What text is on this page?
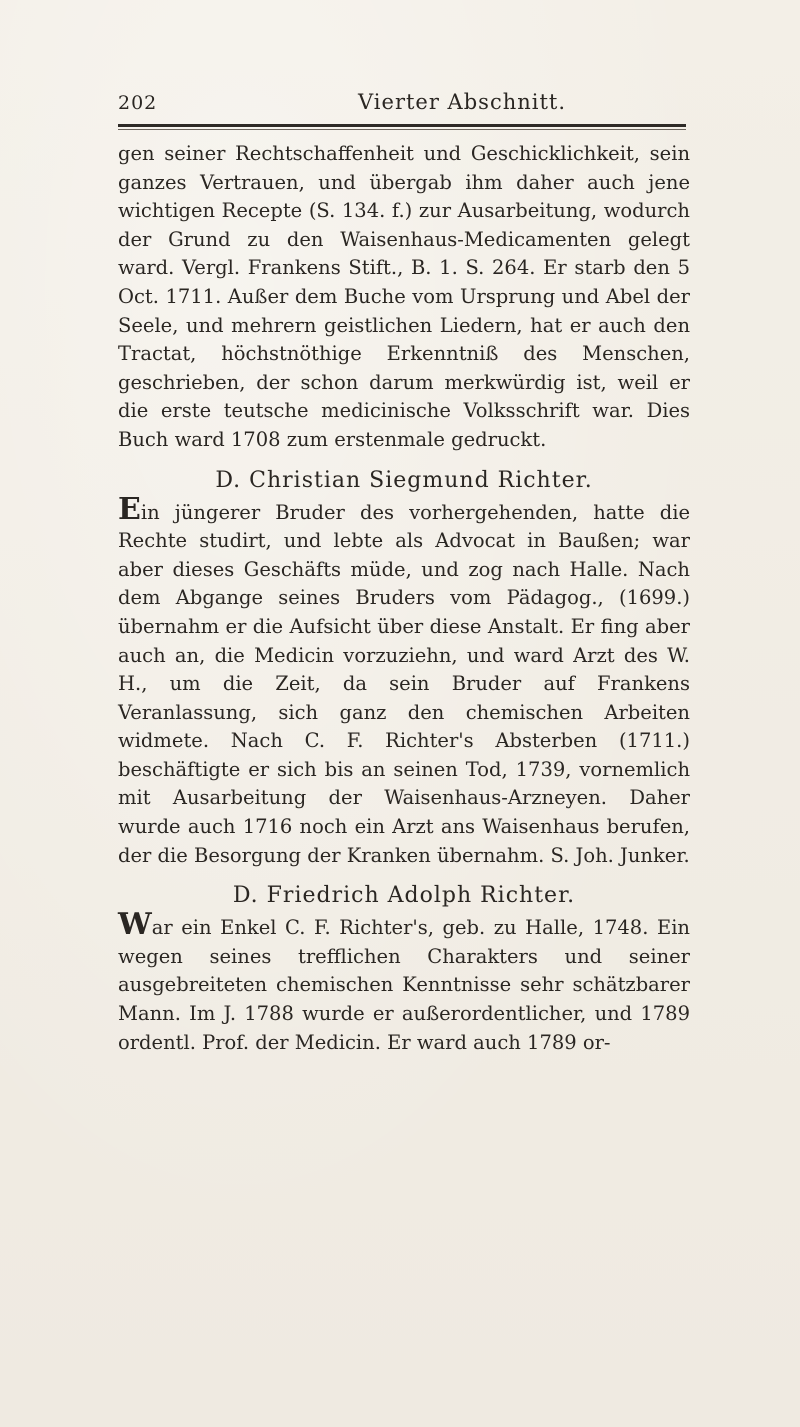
202	Vierter Abschnitt.

gen seiner Rechtschaffenheit und Geschicklichkeit, sein ganzes Vertrauen, und übergab ihm daher auch jene wichtigen Recepte (S. 134. f.) zur Ausarbeitung, wodurch der Grund zu den Waisenhaus-Medicamenten gelegt ward. Vergl. Frankens Stift., B. 1. S. 264. Er starb den 5 Oct. 1711. Außer dem Buche vom Ursprung und Abel der Seele, und mehrern geistlichen Liedern, hat er auch den Tractat, höchstnöthige Erkenntniß des Menschen, geschrieben, der schon darum merkwürdig ist, weil er die erste teutsche medicinische Volksschrift war. Dies Buch ward 1708 zum erstenmale gedruckt.

D. Christian Siegmund Richter.

Ein jüngerer Bruder des vorhergehenden, hatte die Rechte studirt, und lebte als Advocat in Baußen; war aber dieses Geschäfts müde, und zog nach Halle. Nach dem Abgange seines Bruders vom Pädagog., (1699.) übernahm er die Aufsicht über diese Anstalt. Er fing aber auch an, die Medicin vorzuziehn, und ward Arzt des W. H., um die Zeit, da sein Bruder auf Frankens Veranlassung, sich ganz den chemischen Arbeiten widmete. Nach C. F. Richter's Absterben (1711.) beschäftigte er sich bis an seinen Tod, 1739, vornemlich mit Ausarbeitung der Waisenhaus-Arzneyen. Daher wurde auch 1716 noch ein Arzt ans Waisenhaus berufen, der die Besorgung der Kranken übernahm. S. Joh. Junker.

D. Friedrich Adolph Richter.

War ein Enkel C. F. Richter's, geb. zu Halle, 1748. Ein wegen seines trefflichen Charakters und seiner ausgebreiteten chemischen Kenntnisse sehr schätzbarer Mann. Im J. 1788 wurde er außerordentlicher, und 1789 ordentl. Prof. der Medicin. Er ward auch 1789 or-
